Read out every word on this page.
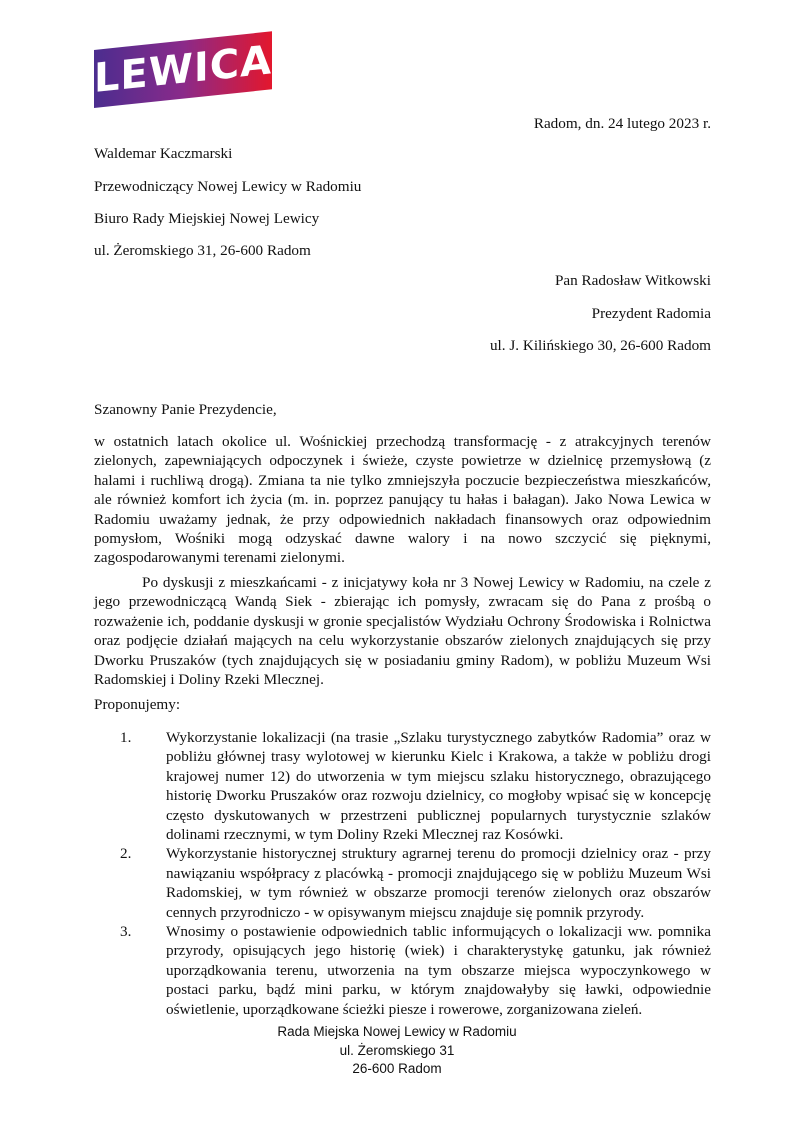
LEWICA
Radom, dn. 24 lutego 2023 r.
Waldemar Kaczmarski
Przewodniczący Nowej Lewicy w Radomiu
Biuro Rady Miejskiej Nowej Lewicy
ul. Żeromskiego 31, 26-600 Radom
Pan Radosław Witkowski
Prezydent Radomia
ul. J. Kilińskiego 30, 26-600 Radom
Szanowny Panie Prezydencie,
w ostatnich latach okolice ul. Wośnickiej przechodzą transformację - z atrakcyjnych terenów zielonych, zapewniających odpoczynek i świeże, czyste powietrze w dzielnicę przemysłową (z halami i ruchliwą drogą). Zmiana ta nie tylko zmniejszyła poczucie bezpieczeństwa mieszkańców, ale również komfort ich życia (m. in. poprzez panujący tu hałas i bałagan). Jako Nowa Lewica w Radomiu uważamy jednak, że przy odpowiednich nakładach finansowych oraz odpowiednim pomysłom, Wośniki mogą odzyskać dawne walory i na nowo szczycić się pięknymi, zagospodarowanymi terenami zielonymi.
Po dyskusji z mieszkańcami - z inicjatywy koła nr 3 Nowej Lewicy w Radomiu, na czele z jego przewodniczącą Wandą Siek - zbierając ich pomysły, zwracam się do Pana z prośbą o rozważenie ich, poddanie dyskusji w gronie specjalistów Wydziału Ochrony Środowiska i Rolnictwa oraz podjęcie działań mających na celu wykorzystanie obszarów zielonych znajdujących się przy Dworku Pruszaków (tych znajdujących się w posiadaniu gminy Radom), w pobliżu Muzeum Wsi Radomskiej i Doliny Rzeki Mlecznej.
Proponujemy:
1.	Wykorzystanie lokalizacji (na trasie „Szlaku turystycznego zabytków Radomia” oraz w pobliżu głównej trasy wylotowej w kierunku Kielc i Krakowa, a także w pobliżu drogi krajowej numer 12) do utworzenia w tym miejscu szlaku historycznego, obrazującego historię Dworku Pruszaków oraz rozwoju dzielnicy, co mogłoby wpisać się w koncepcję często dyskutowanych w przestrzeni publicznej popularnych turystycznie szlaków dolinami rzecznymi, w tym Doliny Rzeki Mlecznej raz Kosówki.
2.	Wykorzystanie historycznej struktury agrarnej terenu do promocji dzielnicy oraz - przy nawiązaniu współpracy z placówką - promocji znajdującego się w pobliżu Muzeum Wsi Radomskiej, w tym również w obszarze promocji terenów zielonych oraz obszarów cennych przyrodniczo - w opisywanym miejscu znajduje się pomnik przyrody.
3.	Wnosimy o postawienie odpowiednich tablic informujących o lokalizacji ww. pomnika przyrody, opisujących jego historię (wiek) i charakterystykę gatunku, jak również uporządkowania terenu, utworzenia na tym obszarze miejsca wypoczynkowego w postaci parku, bądź mini parku, w którym znajdowałyby się ławki, odpowiednie oświetlenie, uporządkowane ścieżki piesze i rowerowe, zorganizowana zieleń.
Rada Miejska Nowej Lewicy w Radomiu
ul. Żeromskiego 31
26-600 Radom
